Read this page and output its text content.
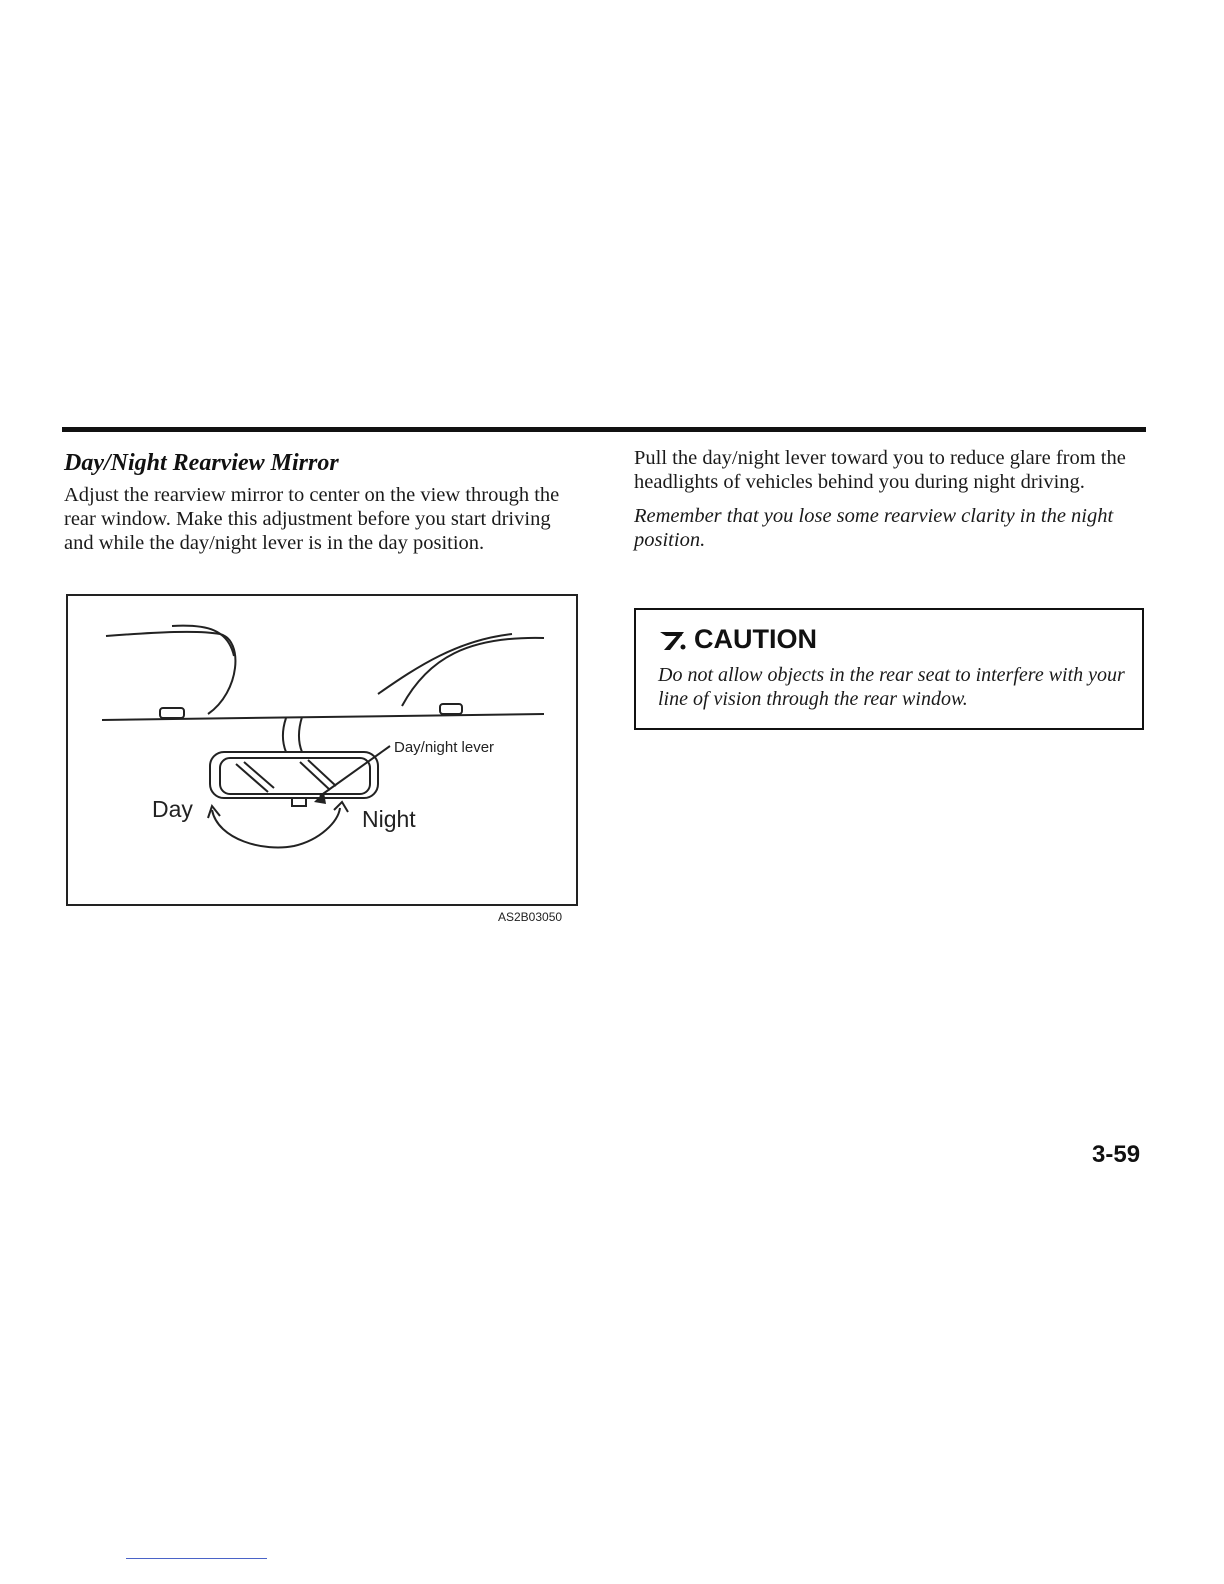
Day/Night Rearview Mirror

Adjust the rearview mirror to center on the view through the rear window. Make this adjustment before you start driving and while the day/night lever is in the day position.

Day/night lever
Day	Night
AS2B03050

Pull the day/night lever toward you to reduce glare from the headlights of vehicles behind you during night driving.

Remember that you lose some rearview clarity in the night position.

CAUTION

Do not allow objects in the rear seat to interfere with your line of vision through the rear window.

3-59
